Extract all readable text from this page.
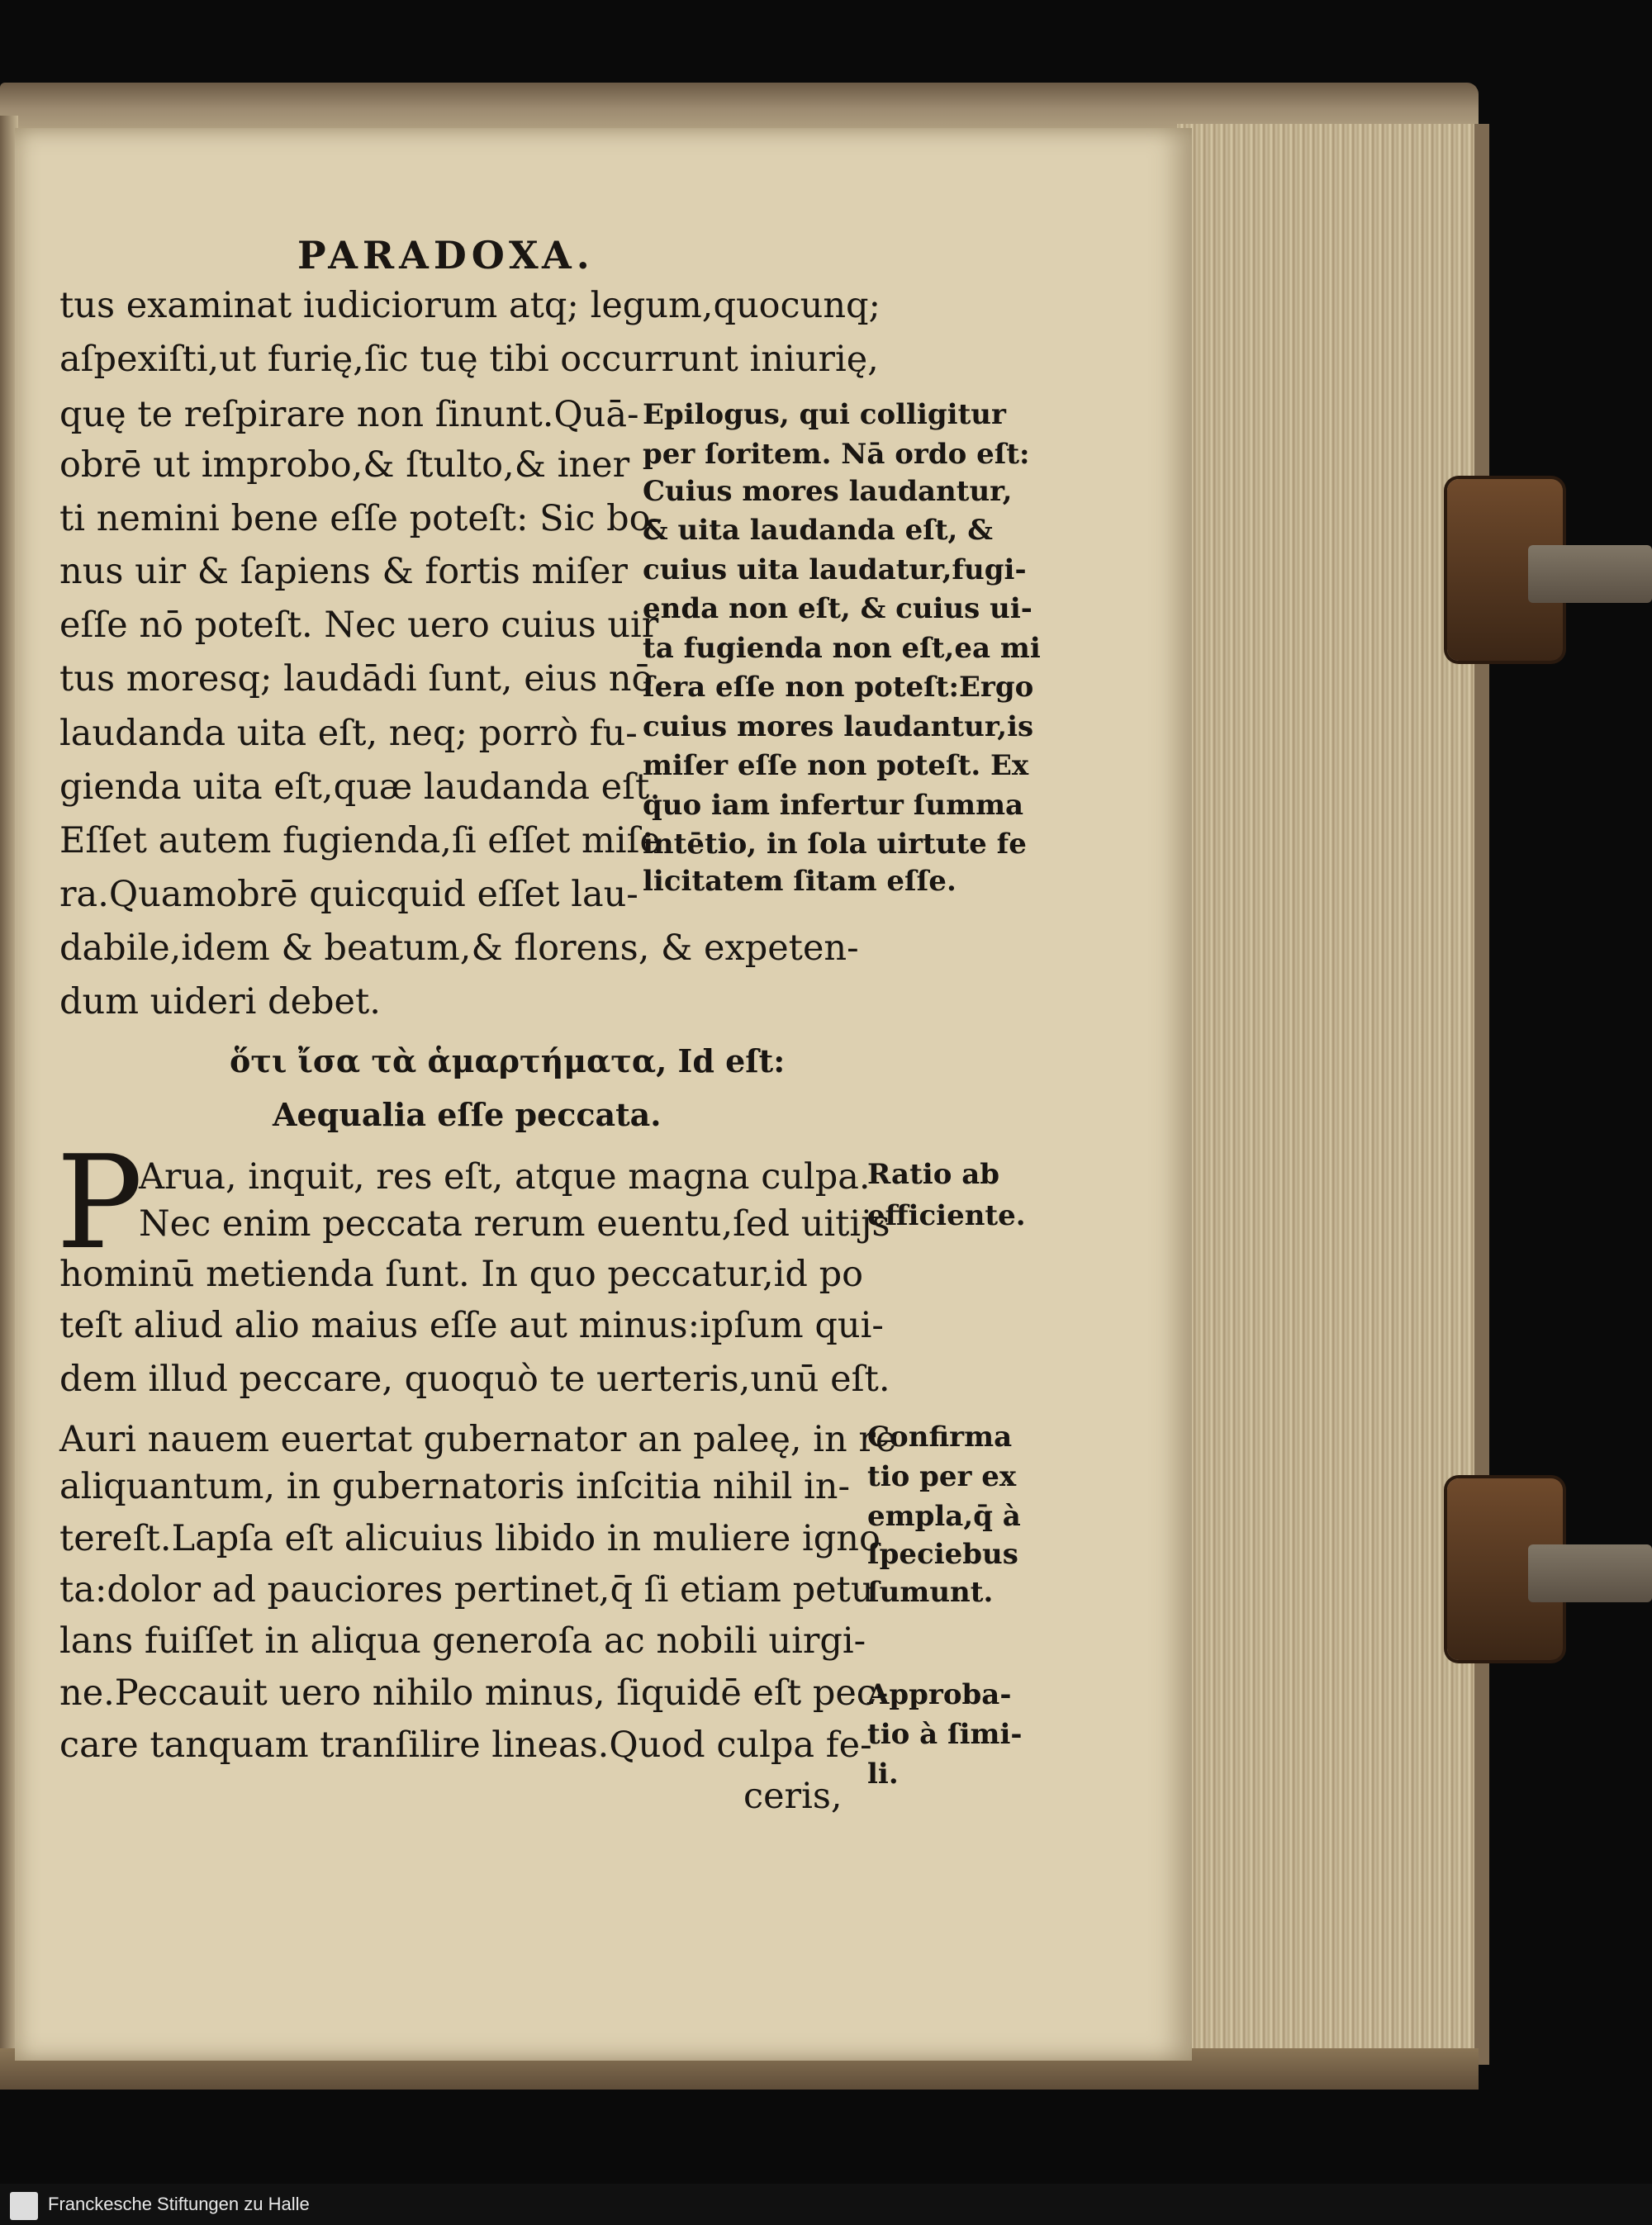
PARADOXA.
tus examinat iudiciorum atq; legum,quocunq;
aſpexiſti,ut furię,ſic tuę tibi occurrunt iniurię,
quę te reſpirare non ſinunt.Quā-
obrē ut improbo,& ſtulto,& iner
ti nemini bene eſſe poteſt: Sic bo-
nus uir & ſapiens & fortis miſer
eſſe nō poteſt. Nec uero cuius uir
tus moresq; laudādi ſunt, eius nō
laudanda uita eſt, neq; porrò fu-
gienda uita eſt,quæ laudanda eſt.
Eſſet autem fugienda,ſi eſſet miſe
ra.Quamobrē quicquid eſſet lau-
dabile,idem & beatum,& florens, & expeten-
dum uideri debet.
Epilogus, qui colligitur
per ſoritem. Nā ordo eſt:
Cuius mores laudantur,
& uita laudanda eſt, &
cuius uita laudatur,fugi-
enda non eſt, & cuius ui-
ta fugienda non eſt,ea mi
ſera eſſe non poteſt:Ergo
cuius mores laudantur,is
miſer eſſe non poteſt. Ex
quo iam infertur ſumma
intētio, in ſola uirtute fe
licitatem ſitam eſſe.
ὅτι ἴσα τὰ ἁμαρτήματα, Id eſt:
Aequalia eſſe peccata.
P
Arua, inquit, res eſt, atque magna culpa.
Nec enim peccata rerum euentu,ſed uitijs
hominū metienda ſunt. In quo peccatur,id po
teſt aliud alio maius eſſe aut minus:ipſum qui-
dem illud peccare, quoquò te uerteris,unū eſt.
Auri nauem euertat gubernator an paleę, in re
aliquantum, in gubernatoris inſcitia nihil in-
tereſt.Lapſa eſt alicuius libido in muliere igno
ta:dolor ad pauciores pertinet,q̄ ſi etiam petu
lans fuiſſet in aliqua generoſa ac nobili uirgi-
ne.Peccauit uero nihilo minus, ſiquidē eſt pec-
care tanquam tranſilire lineas.Quod culpa fe-
ceris,
Ratio ab
efficiente.
Confirma
tio per ex
empla,q̄ à
ſpeciebus
ſumunt.
Approba-
tio à ſimi-
li.
Franckesche Stiftungen zu Halle
